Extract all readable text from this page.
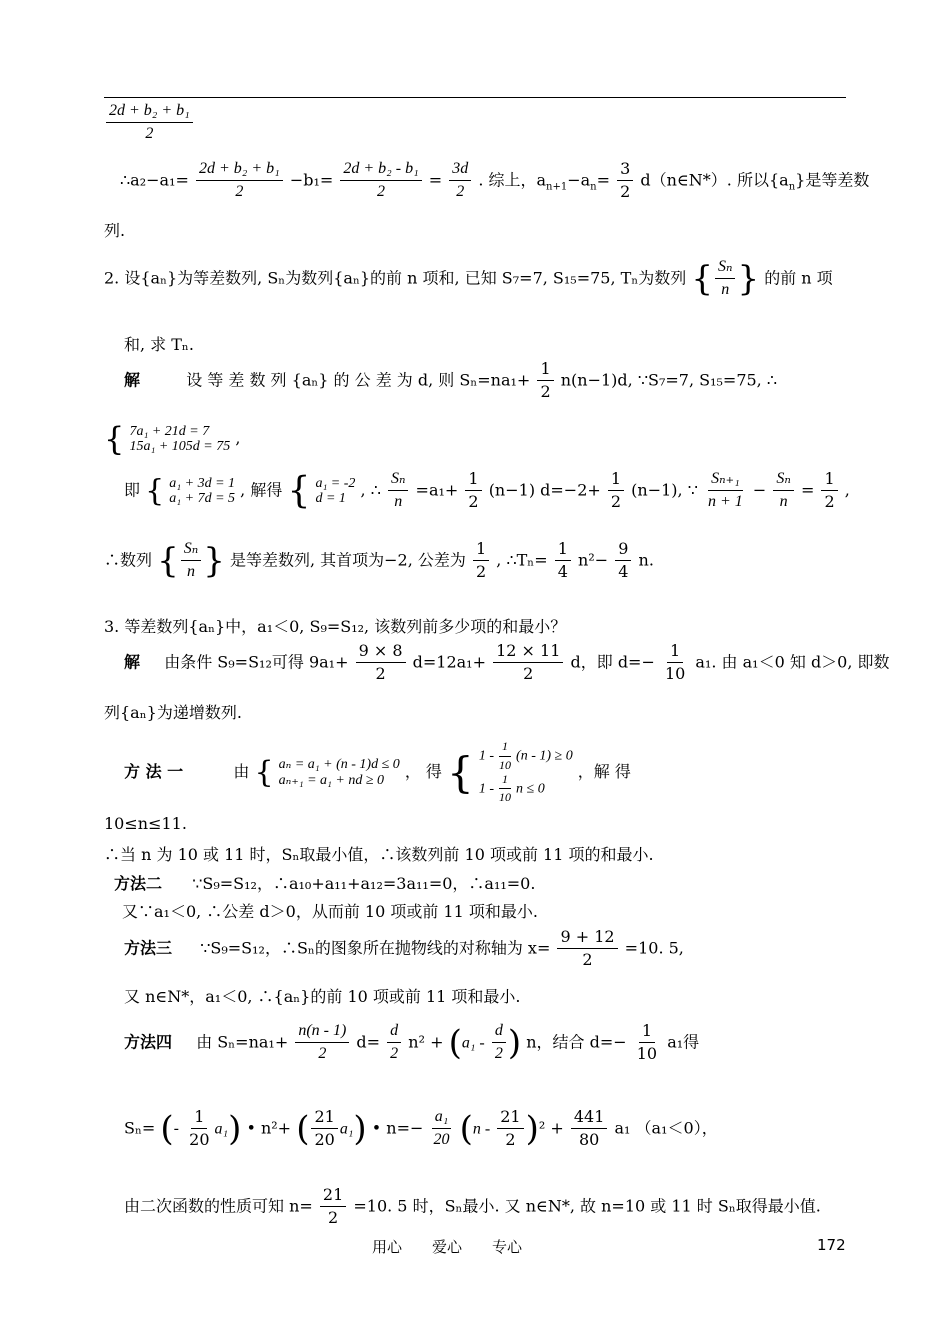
$\frac{\text{2d + b₂ + b₁}}{2}$
∴a₂−a₁= $\frac{\text{2d + b₂ + b₁}}{2} -b_1= \frac{\text{2d + b₂ - b₁}}{2} = \frac{3d}{2}$ . 综上，$a_{n+1}-a_n= \frac{3}{2}$ d（n∈N*）. 所以$\{a_n\}$是等差数
列.
2. 设{aₙ}为等差数列, Sₙ为数列{aₙ}的前 n 项和, 已知 S₇=7, S₁₅=75, Tₙ为数列 { $\frac{\text{Sₙ}}{n}$ } 的前 n 项
和, 求 Tₙ.
解	设 等 差 数 列 {aₙ} 的 公 差 为 d, 则 $S_n=na_1+ \frac{1}{2} n(n-1)d$, ∵S₇=7, S₁₅=75, ∴
{ 7a₁ + 21d = 7
15a₁ + 105d = 75 ,
即 { a₁ + 3d = 1
a₁ + 7d = 5 , 解得 { a₁ = -2
d = 1 , ∴ $\frac{\text{Sₙ}}{n} =a_1+ \frac{1}{2} (n-1)$ $d=-2+ \frac{1}{2} (n-1)$, ∵ $\frac{\text{Sₙ₊₁}}{n + 1} - \frac{\text{Sₙ}}{n} = \frac{1}{2}$ ,
∴数列 { $\frac{\text{Sₙ}}{n}$ } 是等差数列, 其首项为−2, 公差为 $\frac{1}{2}$ , ∴Tₙ= $\frac{1}{4} n^2- \frac{9}{4} n$.
3. 等差数列{aₙ}中，a₁＜0, S₉=S₁₂, 该数列前多少项的和最小？
解 由条件 S₉=S₁₂可得 $9a_1+ \frac{9 \times 8}{2} d=12a_1+ \frac{12 \times 11}{2}$ d，即 $d=- \frac{1}{10} a_1$. 由 a₁＜0 知 d＞0, 即数
列{aₙ}为递增数列.
方 法 一	由 { aₙ = a₁ + (n - 1)d ≤ 0
aₙ₊₁ = a₁ + nd ≥ 0	， 得 { $1 - \frac{1}{10} (n - 1) \ge 0$
$1 - \frac{1}{10}$ n ≤ 0
，解 得
10≤n≤11.
∴当 n 为 10 或 11 时，Sₙ取最小值，∴该数列前 10 项或前 11 项的和最小.
方法二 ∵S₉=S₁₂，∴a₁₀+a₁₁+a₁₂=3a₁₁=0，∴a₁₁=0.
又∵a₁＜0, ∴公差 d＞0，从而前 10 项或前 11 项和最小.
方法三 ∵S₉=S₁₂，∴Sₙ的图象所在抛物线的对称轴为 $x= \frac{9 + 12}{2} =10$. 5,
又 n∈N*，a₁＜0, ∴{aₙ}的前 10 项或前 11 项和最小.
方法四 由 $S_n=na_1+ \frac{n(n - 1)}{2} d= \frac{d}{2} n^2 + (a_1 - \frac{d}{2}$ ) n，结合 $d=- \frac{1}{10} a_1$得
Sₙ= (- $\frac{1}{20} a_1$) • n²+ ( $\frac{21}{20} a_1$) • $n=- \frac{\text{a₁}}{20} (n - \frac{21}{2} )^2 + \frac{441}{80} a_1$ （a₁＜0），
由二次函数的性质可知 $n= \frac{21}{2} =10$. 5 时，Sₙ最小. 又 n∈N*, 故 n=10 或 11 时 Sₙ取得最小值.
用心　　爱心　　专心	172
